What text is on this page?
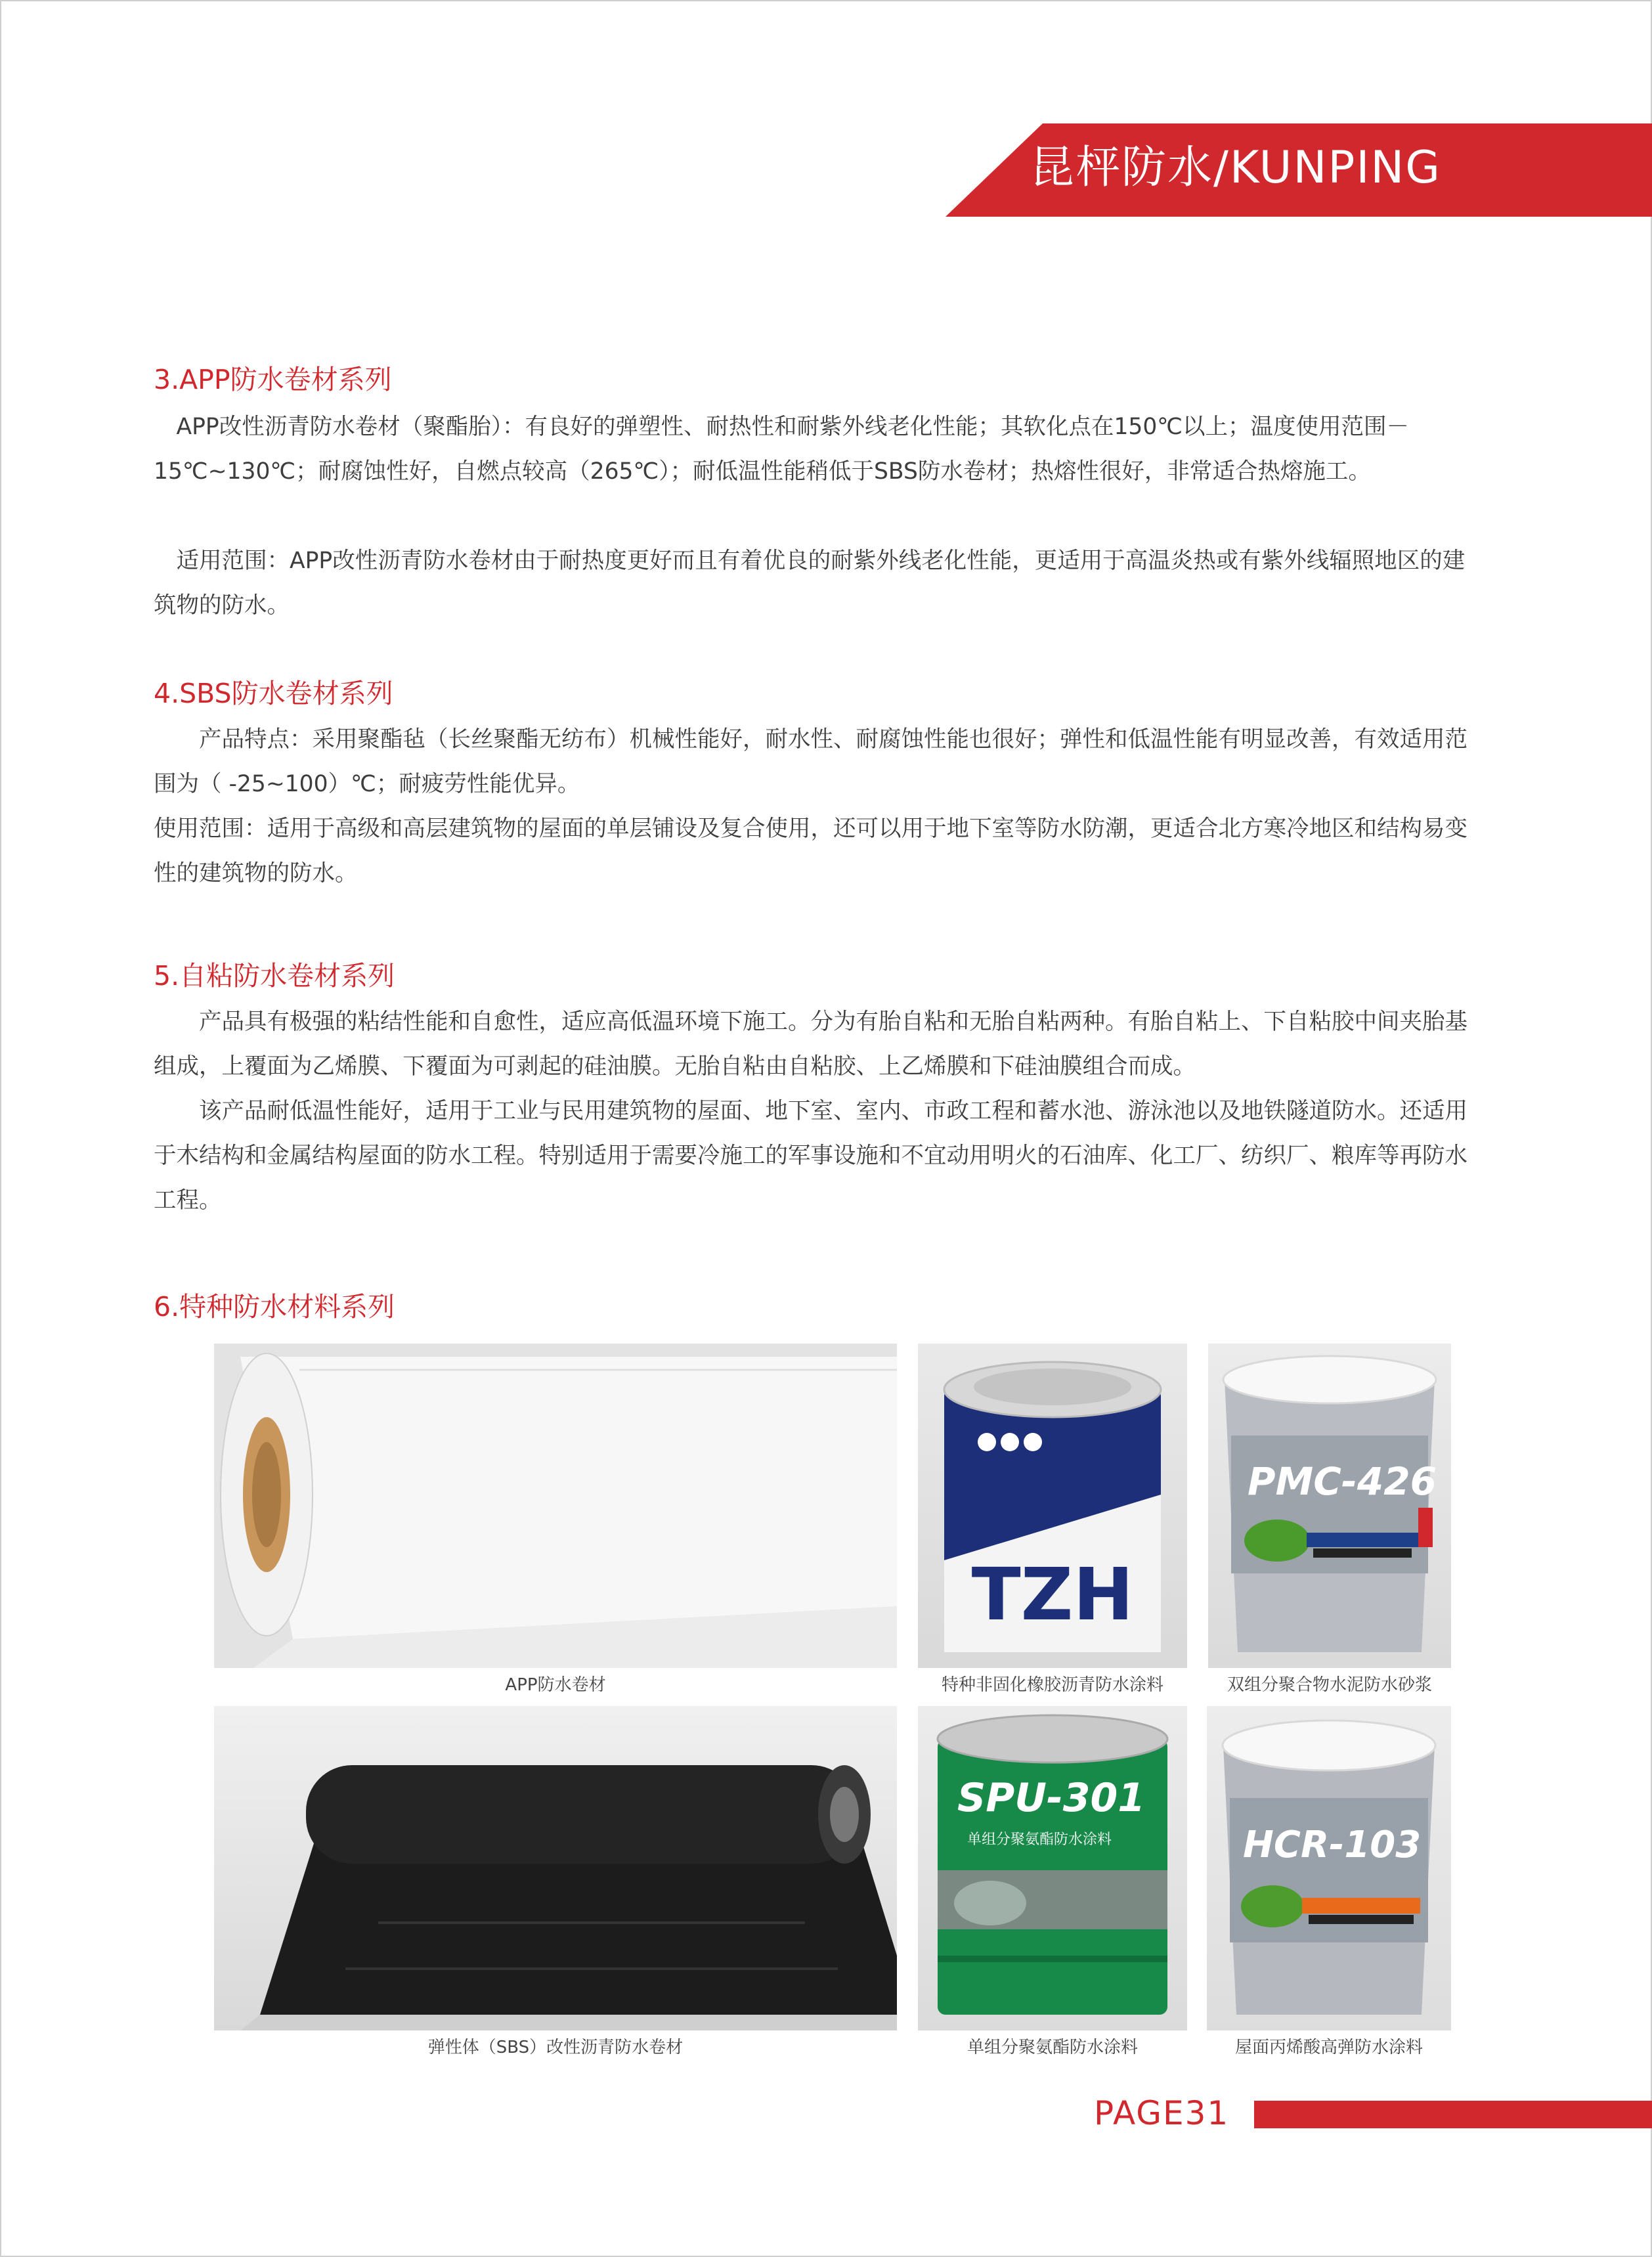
昆枰防水/KUNPING
3.APP防水卷材系列

　APP改性沥青防水卷材（聚酯胎）：有良好的弹塑性、耐热性和耐紫外线老化性能；其软化点在150℃以上；温度使用范围－15℃~130℃；耐腐蚀性好，自燃点较高（265℃）；耐低温性能稍低于SBS防水卷材；热熔性很好，非常适合热熔施工。

　适用范围：APP改性沥青防水卷材由于耐热度更好而且有着优良的耐紫外线老化性能，更适用于高温炎热或有紫外线辐照地区的建筑物的防水。

4.SBS防水卷材系列

　　产品特点：采用聚酯毡（长丝聚酯无纺布）机械性能好，耐水性、耐腐蚀性能也很好；弹性和低温性能有明显改善，有效适用范围为（ -25~100）℃；耐疲劳性能优异。

使用范围：适用于高级和高层建筑物的屋面的单层铺设及复合使用，还可以用于地下室等防水防潮，更适合北方寒冷地区和结构易变性的建筑物的防水。

5.自粘防水卷材系列

　　产品具有极强的粘结性能和自愈性，适应高低温环境下施工。分为有胎自粘和无胎自粘两种。有胎自粘上、下自粘胶中间夹胎基组成，上覆面为乙烯膜、下覆面为可剥起的硅油膜。无胎自粘由自粘胶、上乙烯膜和下硅油膜组合而成。

　　该产品耐低温性能好，适用于工业与民用建筑物的屋面、地下室、室内、市政工程和蓄水池、游泳池以及地铁隧道防水。还适用于木结构和金属结构屋面的防水工程。特别适用于需要冷施工的军事设施和不宜动用明火的石油库、化工厂、纺织厂、粮库等再防水工程。

6.特种防水材料系列
APP防水卷材
TZH
特种非固化橡胶沥青防水涂料
PMC-426
双组分聚合物水泥防水砂浆
弹性体（SBS）改性沥青防水卷材
SPU-301
单组分聚氨酯防水涂料
单组分聚氨酯防水涂料
HCR-103
屋面丙烯酸高弹防水涂料
PAGE31
